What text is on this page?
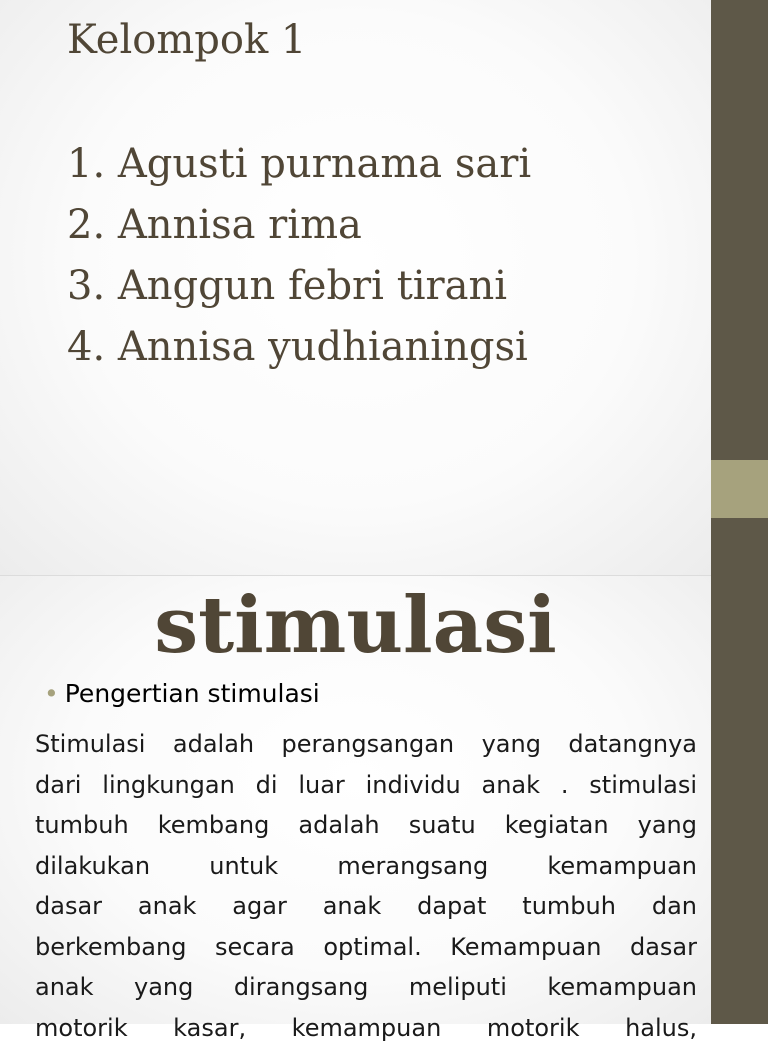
Kelompok 1
1. Agusti purnama sari
2. Annisa rima
3. Anggun febri tirani
4. Annisa yudhianingsi
stimulasi
• Pengertian stimulasi

Stimulasi adalah perangsangan yang datangnya
dari lingkungan di luar individu anak . stimulasi
tumbuh kembang adalah suatu kegiatan yang
dilakukan untuk merangsang kemampuan
dasar anak agar anak dapat tumbuh dan
berkembang secara optimal. Kemampuan dasar
anak yang dirangsang meliputi kemampuan
motorik kasar, kemampuan motorik halus,
